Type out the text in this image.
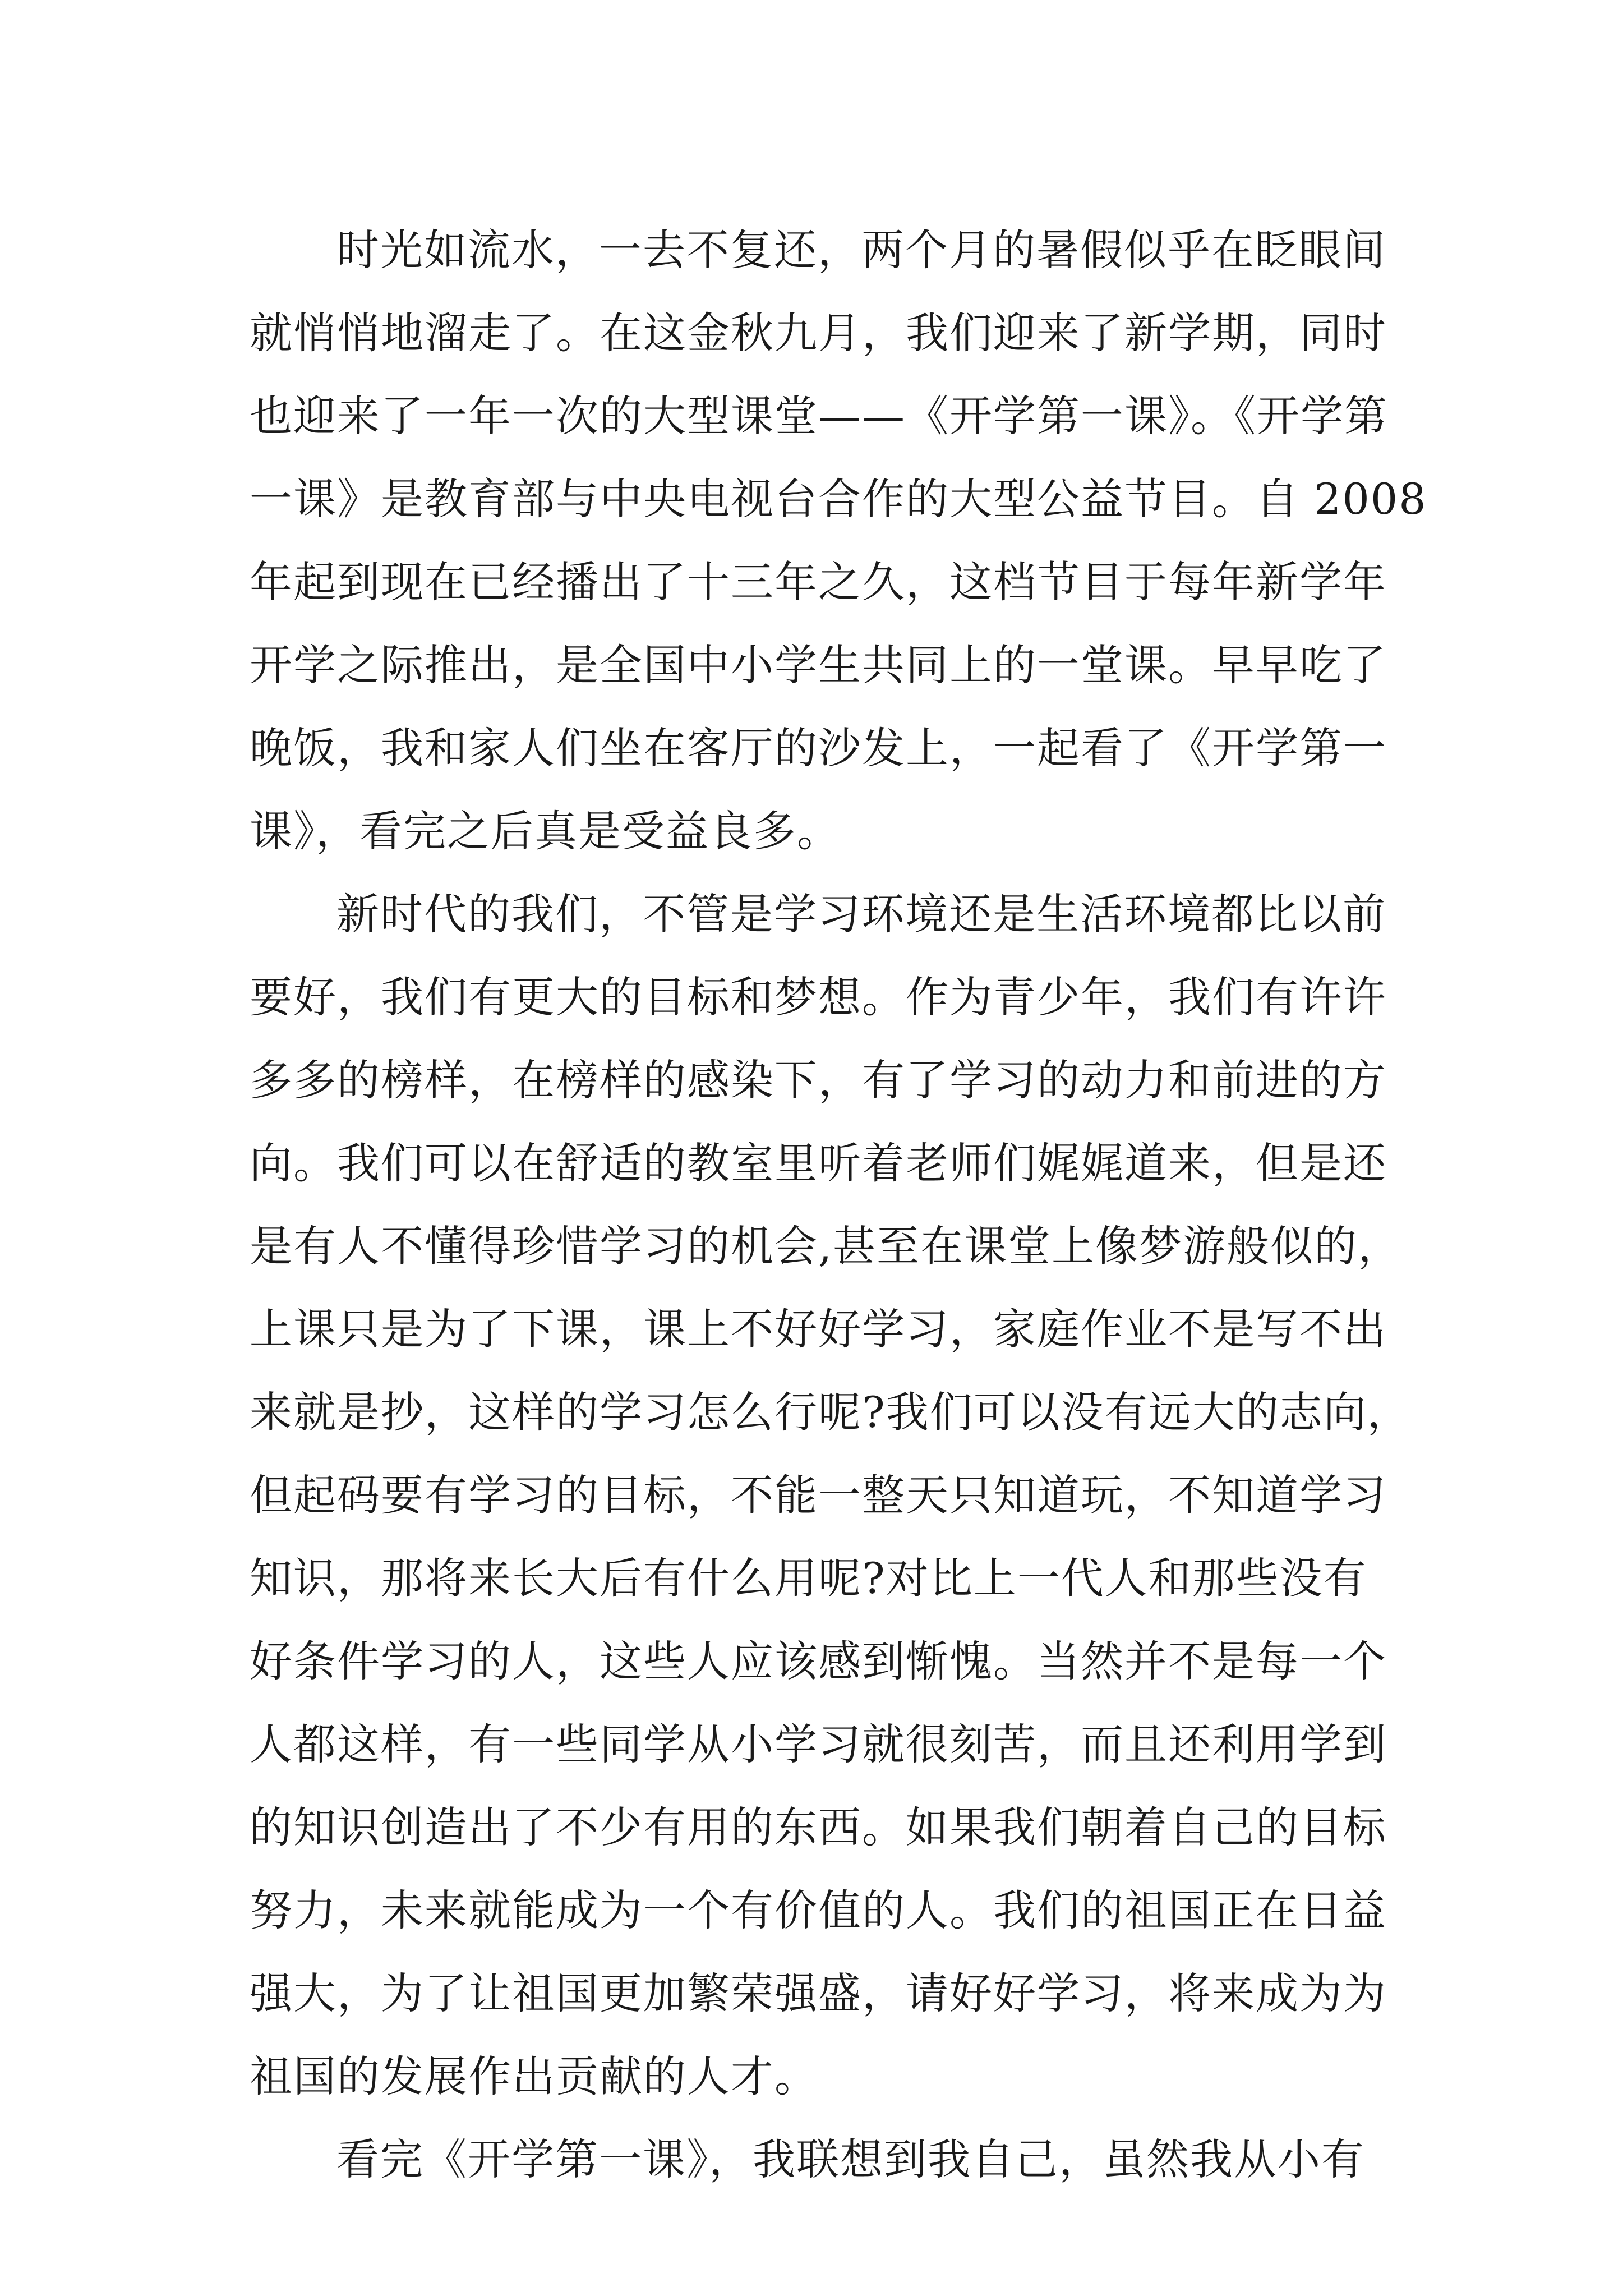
时光如流水，一去不复还，两个月的暑假似乎在眨眼间
就悄悄地溜走了。在这金秋九月，我们迎来了新学期，同时
也迎来了一年一次的大型课堂——《开学第一课》。《开学第
一课》是教育部与中央电视台合作的大型公益节目。自 2008
年起到现在已经播出了十三年之久，这档节目于每年新学年
开学之际推出，是全国中小学生共同上的一堂课。早早吃了
晚饭，我和家人们坐在客厅的沙发上，一起看了《开学第一
课》，看完之后真是受益良多。
新时代的我们，不管是学习环境还是生活环境都比以前
要好，我们有更大的目标和梦想。作为青少年，我们有许许
多多的榜样，在榜样的感染下，有了学习的动力和前进的方
向。我们可以在舒适的教室里听着老师们娓娓道来，但是还
是有人不懂得珍惜学习的机会,甚至在课堂上像梦游般似的，
上课只是为了下课，课上不好好学习，家庭作业不是写不出
来就是抄，这样的学习怎么行呢?我们可以没有远大的志向，
但起码要有学习的目标，不能一整天只知道玩，不知道学习
知识，那将来长大后有什么用呢?对比上一代人和那些没有
好条件学习的人，这些人应该感到惭愧。当然并不是每一个
人都这样，有一些同学从小学习就很刻苦，而且还利用学到
的知识创造出了不少有用的东西。如果我们朝着自己的目标
努力，未来就能成为一个有价值的人。我们的祖国正在日益
强大，为了让祖国更加繁荣强盛，请好好学习，将来成为为
祖国的发展作出贡献的人才。
看完《开学第一课》，我联想到我自己，虽然我从小有
